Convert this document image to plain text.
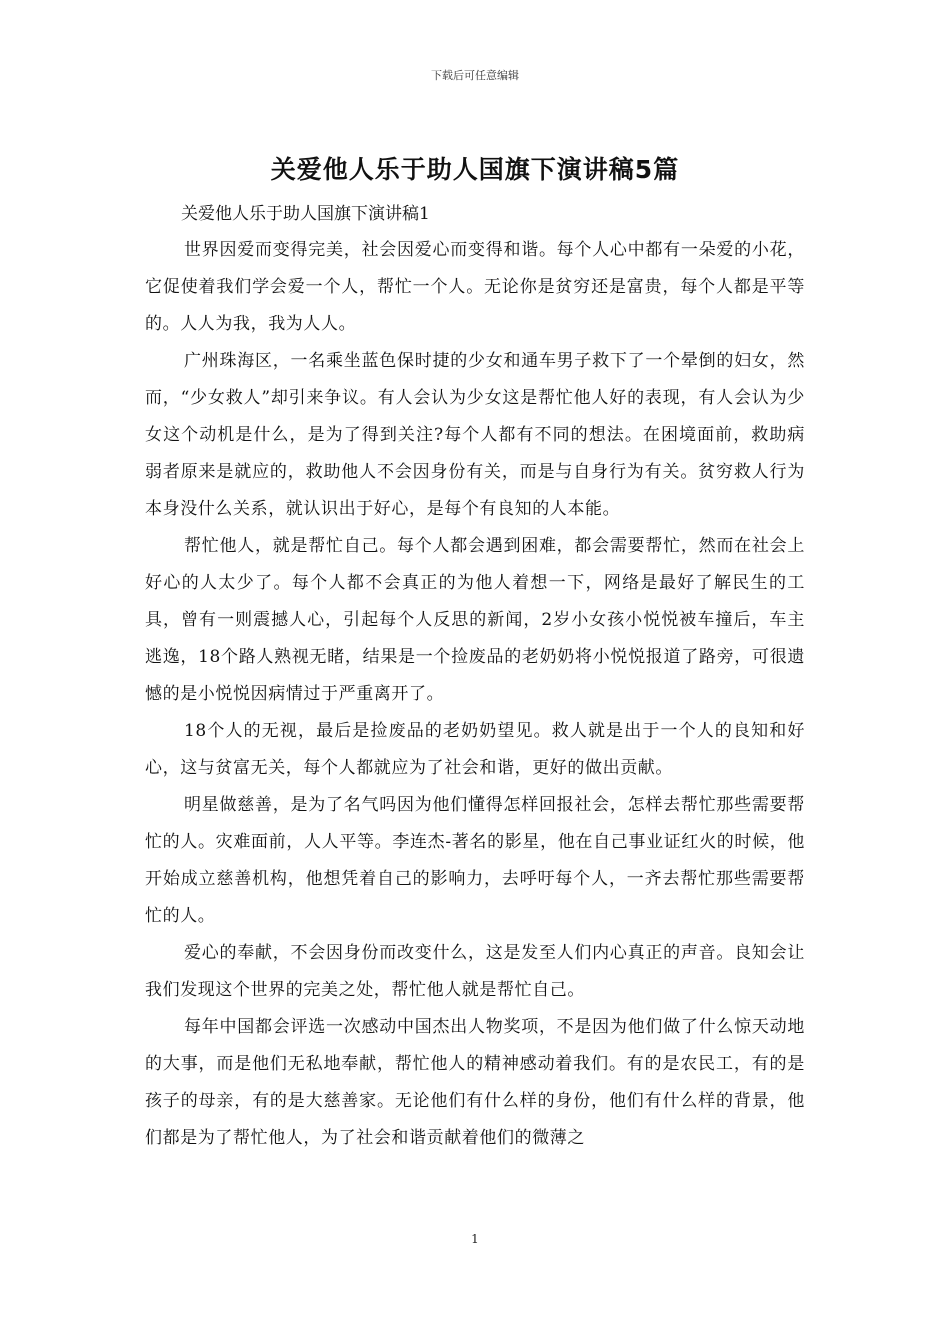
下载后可任意编辑
关爱他人乐于助人国旗下演讲稿5篇

关爱他人乐于助人国旗下演讲稿1

世界因爱而变得完美，社会因爱心而变得和谐。每个人心中都有一朵爱的小花，它促使着我们学会爱一个人，帮忙一个人。无论你是贫穷还是富贵，每个人都是平等的。人人为我，我为人人。

广州珠海区，一名乘坐蓝色保时捷的少女和通车男子救下了一个晕倒的妇女，然而，“少女救人”却引来争议。有人会认为少女这是帮忙他人好的表现，有人会认为少女这个动机是什么，是为了得到关注?每个人都有不同的想法。在困境面前，救助病弱者原来是就应的，救助他人不会因身份有关，而是与自身行为有关。贫穷救人行为本身没什么关系，就认识出于好心，是每个有良知的人本能。

帮忙他人，就是帮忙自己。每个人都会遇到困难，都会需要帮忙，然而在社会上好心的人太少了。每个人都不会真正的为他人着想一下，网络是最好了解民生的工具，曾有一则震撼人心，引起每个人反思的新闻，2岁小女孩小悦悦被车撞后，车主逃逸，18个路人熟视无睹，结果是一个捡废品的老奶奶将小悦悦报道了路旁，可很遗憾的是小悦悦因病情过于严重离开了。

18个人的无视，最后是捡废品的老奶奶望见。救人就是出于一个人的良知和好心，这与贫富无关，每个人都就应为了社会和谐，更好的做出贡献。

明星做慈善，是为了名气吗因为他们懂得怎样回报社会，怎样去帮忙那些需要帮忙的人。灾难面前，人人平等。李连杰-著名的影星，他在自己事业证红火的时候，他开始成立慈善机构，他想凭着自己的影响力，去呼吁每个人，一齐去帮忙那些需要帮忙的人。

爱心的奉献，不会因身份而改变什么，这是发至人们内心真正的声音。良知会让我们发现这个世界的完美之处，帮忙他人就是帮忙自己。

每年中国都会评选一次感动中国杰出人物奖项，不是因为他们做了什么惊天动地的大事，而是他们无私地奉献，帮忙他人的精神感动着我们。有的是农民工，有的是孩子的母亲，有的是大慈善家。无论他们有什么样的身份，他们有什么样的背景，他们都是为了帮忙他人，为了社会和谐贡献着他们的微薄之

1
